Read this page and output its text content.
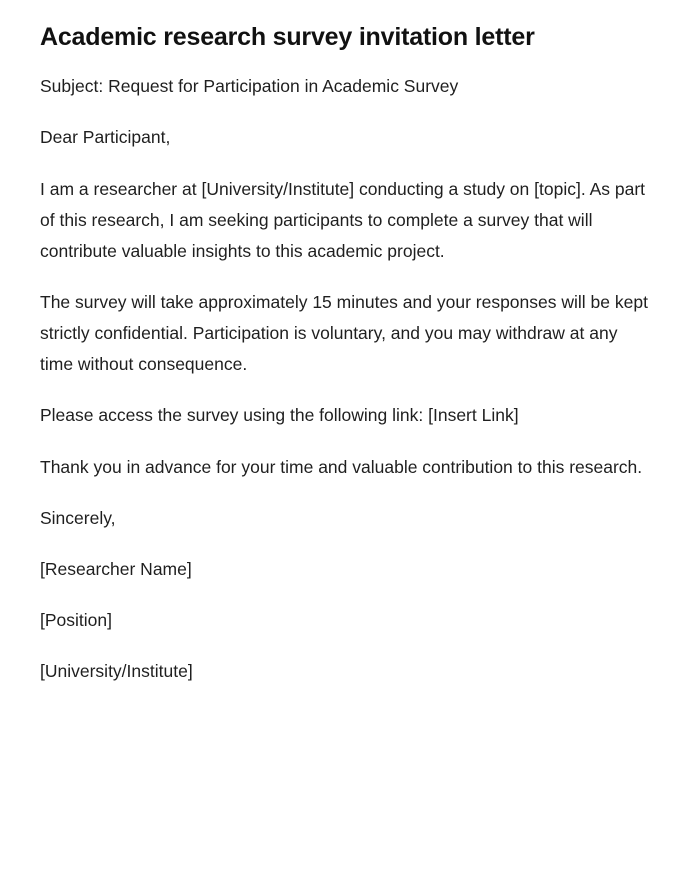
Academic research survey invitation letter

Subject: Request for Participation in Academic Survey

Dear Participant,

I am a researcher at [University/Institute] conducting a study on [topic]. As part of this research, I am seeking participants to complete a survey that will contribute valuable insights to this academic project.

The survey will take approximately 15 minutes and your responses will be kept strictly confidential. Participation is voluntary, and you may withdraw at any time without consequence.

Please access the survey using the following link: [Insert Link]

Thank you in advance for your time and valuable contribution to this research.

Sincerely,

[Researcher Name]

[Position]

[University/Institute]
